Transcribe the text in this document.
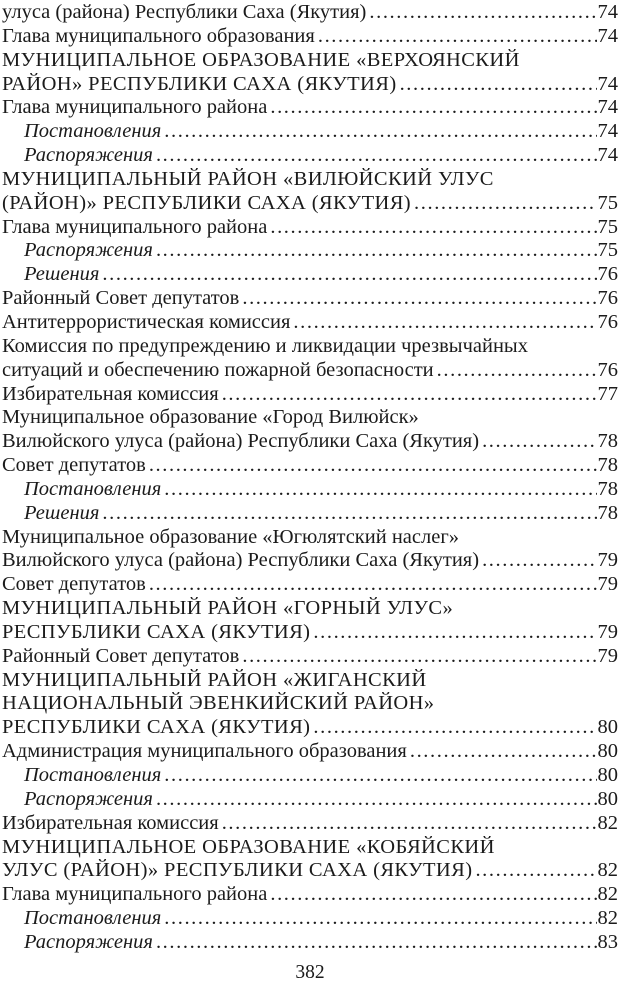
улуса (района) Республики Саха (Якутия) .....	74
Глава муниципального образования .....	74
МУНИЦИПАЛЬНОЕ ОБРАЗОВАНИЕ «ВЕРХОЯНСКИЙ
РАЙОН» РЕСПУБЛИКИ САХА (ЯКУТИЯ) .....	74
Глава муниципального района .....	74
Постановления .....	74
Распоряжения .....	74
МУНИЦИПАЛЬНЫЙ РАЙОН «ВИЛЮЙСКИЙ УЛУС
(РАЙОН)» РЕСПУБЛИКИ САХА (ЯКУТИЯ) .....	75
Глава муниципального района .....	75
Распоряжения .....	75
Решения .....	76
Районный Совет депутатов .....	76
Антитеррористическая комиссия .....	76
Комиссия по предупреждению и ликвидации чрезвычайных
ситуаций и обеспечению пожарной безопасности .....	76
Избирательная комиссия .....	77
Муниципальное образование «Город Вилюйск»
Вилюйского улуса (района) Республики Саха (Якутия) .....	78
Совет депутатов .....	78
Постановления .....	78
Решения .....	78
Муниципальное образование «Югюлятский наслег»
Вилюйского улуса (района) Республики Саха (Якутия) .....	79
Совет депутатов .....	79
МУНИЦИПАЛЬНЫЙ РАЙОН «ГОРНЫЙ УЛУС»
РЕСПУБЛИКИ САХА (ЯКУТИЯ) .....	79
Районный Совет депутатов .....	79
МУНИЦИПАЛЬНЫЙ РАЙОН «ЖИГАНСКИЙ
НАЦИОНАЛЬНЫЙ ЭВЕНКИЙСКИЙ РАЙОН»
РЕСПУБЛИКИ САХА (ЯКУТИЯ) .....	80
Администрация муниципального образования .....	80
Постановления .....	80
Распоряжения .....	80
Избирательная комиссия .....	82
МУНИЦИПАЛЬНОЕ ОБРАЗОВАНИЕ «КОБЯЙСКИЙ
УЛУС (РАЙОН)» РЕСПУБЛИКИ САХА (ЯКУТИЯ) .....	82
Глава муниципального района .....	82
Постановления .....	82
Распоряжения .....	83
382
